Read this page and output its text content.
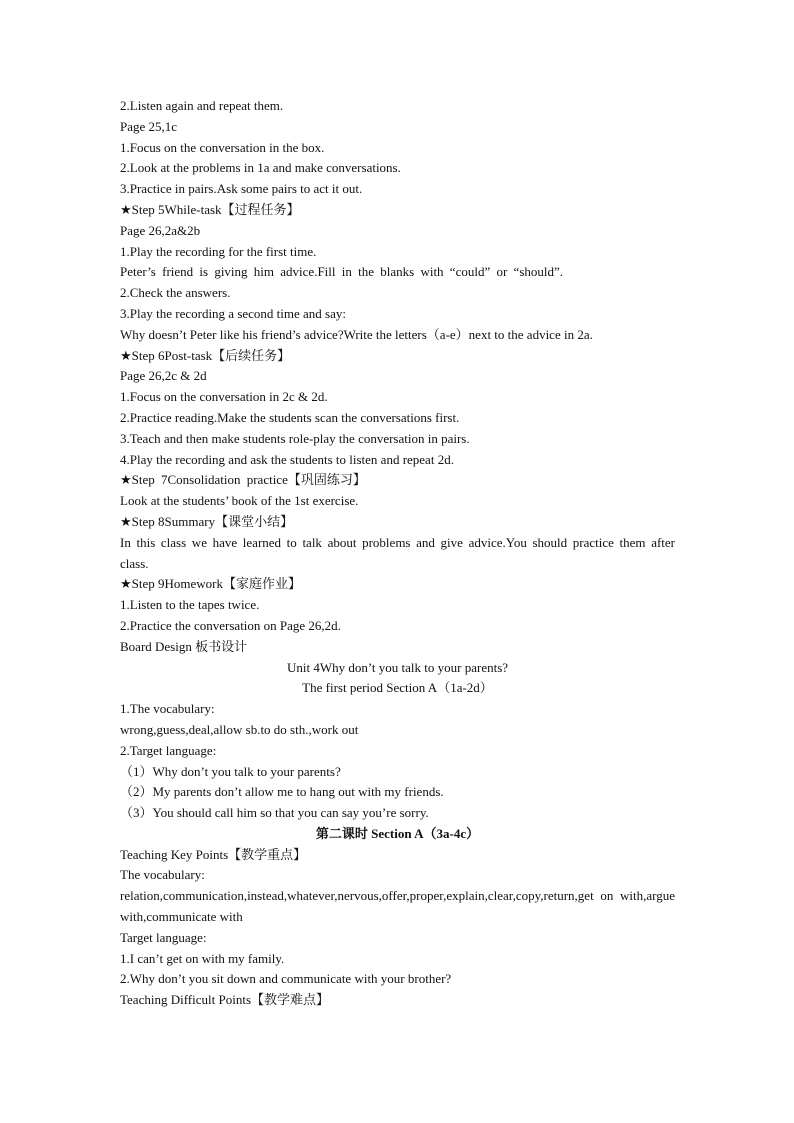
2.Listen again and repeat them.
Page 25,1c
1.Focus on the conversation in the box.
2.Look at the problems in 1a and make conversations.
3.Practice in pairs.Ask some pairs to act it out.
★Step 5While-task【过程任务】
Page 26,2a&2b
1.Play the recording for the first time.
Peter’s friend is giving him advice.Fill in the blanks with “could” or “should”.
2.Check the answers.
3.Play the recording a second time and say:
Why doesn’t Peter like his friend’s advice?Write the letters（a-e）next to the advice in 2a.
★Step 6Post-task【后续任务】
Page 26,2c & 2d
1.Focus on the conversation in 2c & 2d.
2.Practice reading.Make the students scan the conversations first.
3.Teach and then make students role-play the conversation in pairs.
4.Play the recording and ask the students to listen and repeat 2d.
★Step 7Consolidation practice【巩固练习】
Look at the students’ book of the 1st exercise.
★Step 8Summary【课堂小结】
In this class we have learned to talk about problems and give advice.You should practice them after class.
★Step 9Homework【家庭作业】
1.Listen to the tapes twice.
2.Practice the conversation on Page 26,2d.
Board Design 板书设计
Unit 4Why don’t you talk to your parents?
The first period Section A（1a-2d）
1.The vocabulary:
wrong,guess,deal,allow sb.to do sth.,work out
2.Target language:
（1）Why don’t you talk to your parents?
（2）My parents don’t allow me to hang out with my friends.
（3）You should call him so that you can say you’re sorry.
第二课时 Section A（3a-4c）
Teaching Key Points【教学重点】
The vocabulary:
relation,communication,instead,whatever,nervous,offer,proper,explain,clear,copy,return,get on with,argue with,communicate with
Target language:
1.I can’t get on with my family.
2.Why don’t you sit down and communicate with your brother?
Teaching Difficult Points【教学难点】
